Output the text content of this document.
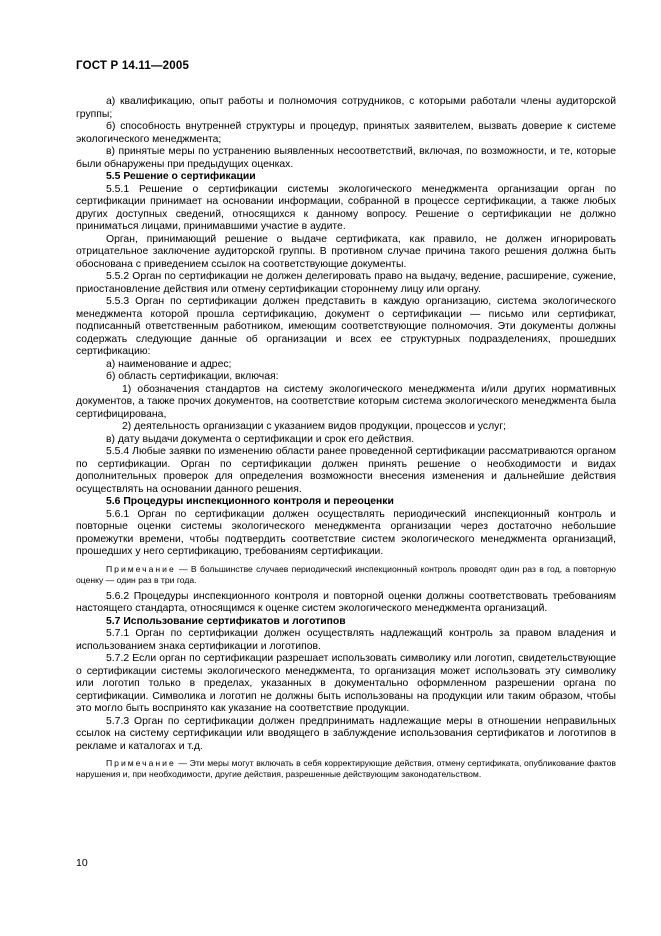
ГОСТ Р 14.11—2005

а) квалификацию, опыт работы и полномочия сотрудников, с которыми работали члены аудиторской группы;

б) способность внутренней структуры и процедур, принятых заявителем, вызвать доверие к системе экологического менеджмента;

в) принятые меры по устранению выявленных несоответствий, включая, по возможности, и те, которые были обнаружены при предыдущих оценках.

5.5 Решение о сертификации

5.5.1 Решение о сертификации системы экологического менеджмента организации орган по сертификации принимает на основании информации, собранной в процессе сертификации, а также любых других доступных сведений, относящихся к данному вопросу. Решение о сертификации не должно приниматься лицами, принимавшими участие в аудите.

Орган, принимающий решение о выдаче сертификата, как правило, не должен игнорировать отрицательное заключение аудиторской группы. В противном случае причина такого решения должна быть обоснована с приведением ссылок на соответствующие документы.

5.5.2 Орган по сертификации не должен делегировать право на выдачу, ведение, расширение, сужение, приостановление действия или отмену сертификации стороннему лицу или органу.

5.5.3 Орган по сертификации должен представить в каждую организацию, система экологического менеджмента которой прошла сертификацию, документ о сертификации — письмо или сертификат, подписанный ответственным работником, имеющим соответствующие полномочия. Эти документы должны содержать следующие данные об организации и всех ее структурных подразделениях, прошедших сертификацию:

а) наименование и адрес;

б) область сертификации, включая:

1) обозначения стандартов на систему экологического менеджмента и/или других нормативных документов, а также прочих документов, на соответствие которым система экологического менеджмента была сертифицирована,

2) деятельность организации с указанием видов продукции, процессов и услуг;

в) дату выдачи документа о сертификации и срок его действия.

5.5.4 Любые заявки по изменению области ранее проведенной сертификации рассматриваются органом по сертификации. Орган по сертификации должен принять решение о необходимости и видах дополнительных проверок для определения возможности внесения изменения и дальнейшие действия осуществлять на основании данного решения.

5.6 Процедуры инспекционного контроля и переоценки

5.6.1 Орган по сертификации должен осуществлять периодический инспекционный контроль и повторные оценки системы экологического менеджмента организации через достаточно небольшие промежутки времени, чтобы подтвердить соответствие систем экологического менеджмента организаций, прошедших у него сертификацию, требованиям сертификации.

Примечание — В большинстве случаев периодический инспекционный контроль проводят один раз в год, а повторную оценку — один раз в три года.

5.6.2 Процедуры инспекционного контроля и повторной оценки должны соответствовать требованиям настоящего стандарта, относящимся к оценке систем экологического менеджмента организаций.

5.7 Использование сертификатов и логотипов

5.7.1 Орган по сертификации должен осуществлять надлежащий контроль за правом владения и использованием знака сертификации и логотипов.

5.7.2 Если орган по сертификации разрешает использовать символику или логотип, свидетельствующие о сертификации системы экологического менеджмента, то организация может использовать эту символику или логотип только в пределах, указанных в документально оформленном разрешении органа по сертификации. Символика и логотип не должны быть использованы на продукции или таким образом, чтобы это могло быть воспринято как указание на соответствие продукции.

5.7.3 Орган по сертификации должен предпринимать надлежащие меры в отношении неправильных ссылок на систему сертификации или вводящего в заблуждение использования сертификатов и логотипов в рекламе и каталогах и т.д.

Примечание — Эти меры могут включать в себя корректирующие действия, отмену сертификата, опубликование фактов нарушения и, при необходимости, другие действия, разрешенные действующим законодательством.

10
